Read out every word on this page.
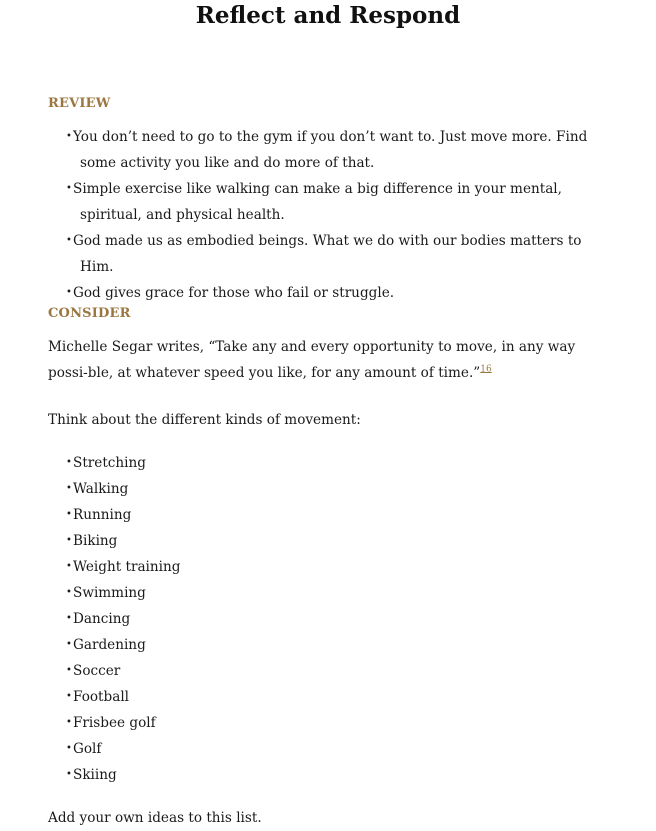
Reflect and Respond
REVIEW
• You don’t need to go to the gym if you don’t want to. Just move more. Find some activity you like and do more of that.
• Simple exercise like walking can make a big difference in your mental, spiritual, and physical health.
• God made us as embodied beings. What we do with our bodies matters to Him.
• God gives grace for those who fail or struggle.
CONSIDER

Michelle Segar writes, “Take any and every opportunity to move, in any way possi-ble, at whatever speed you like, for any amount of time.”$^{16}$

Think about the different kinds of movement:

• Stretching
• Walking
• Running
• Biking
• Weight training
• Swimming
• Dancing
• Gardening
• Soccer
• Football
• Frisbee golf
• Golf
• Skiing

Add your own ideas to this list.
